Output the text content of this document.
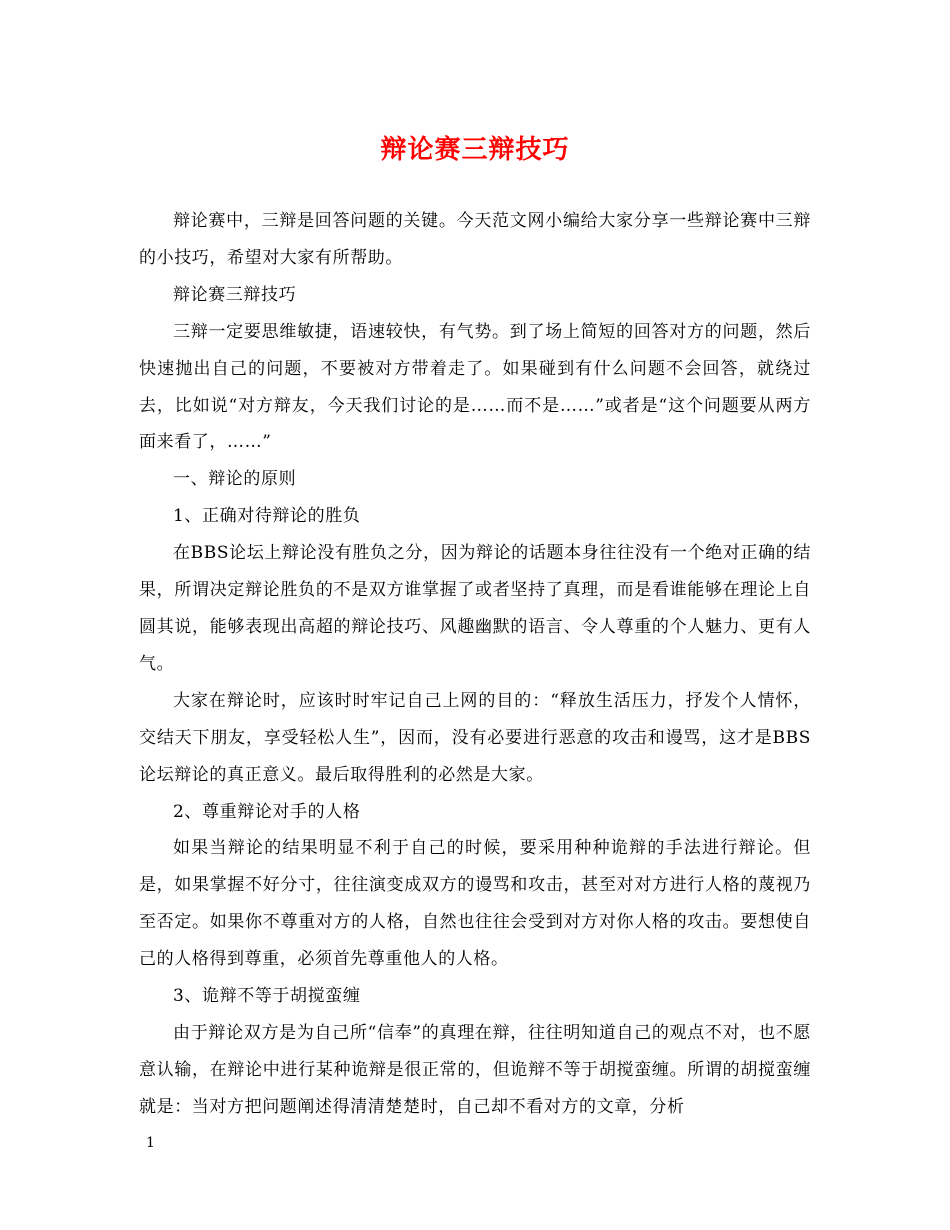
辩论赛三辩技巧

辩论赛中，三辩是回答问题的关键。今天范文网小编给大家分享一些辩论赛中三辩的小技巧，希望对大家有所帮助。

辩论赛三辩技巧

三辩一定要思维敏捷，语速较快，有气势。到了场上简短的回答对方的问题，然后快速抛出自己的问题，不要被对方带着走了。如果碰到有什么问题不会回答，就绕过去，比如说“对方辩友，今天我们讨论的是……而不是……”或者是“这个问题要从两方面来看了，……”

一、辩论的原则

1、正确对待辩论的胜负

在BBS论坛上辩论没有胜负之分，因为辩论的话题本身往往没有一个绝对正确的结果，所谓决定辩论胜负的不是双方谁掌握了或者坚持了真理，而是看谁能够在理论上自圆其说，能够表现出高超的辩论技巧、风趣幽默的语言、令人尊重的个人魅力、更有人气。

大家在辩论时，应该时时牢记自己上网的目的：“释放生活压力，抒发个人情怀，交结天下朋友，享受轻松人生”，因而，没有必要进行恶意的攻击和谩骂，这才是BBS论坛辩论的真正意义。最后取得胜利的必然是大家。

2、尊重辩论对手的人格

如果当辩论的结果明显不利于自己的时候，要采用种种诡辩的手法进行辩论。但是，如果掌握不好分寸，往往演变成双方的谩骂和攻击，甚至对对方进行人格的蔑视乃至否定。如果你不尊重对方的人格，自然也往往会受到对方对你人格的攻击。要想使自己的人格得到尊重，必须首先尊重他人的人格。

3、诡辩不等于胡搅蛮缠

由于辩论双方是为自己所“信奉”的真理在辩，往往明知道自己的观点不对，也不愿意认输，在辩论中进行某种诡辩是很正常的，但诡辩不等于胡搅蛮缠。所谓的胡搅蛮缠就是：当对方把问题阐述得清清楚楚时，自己却不看对方的文章，分析

1
